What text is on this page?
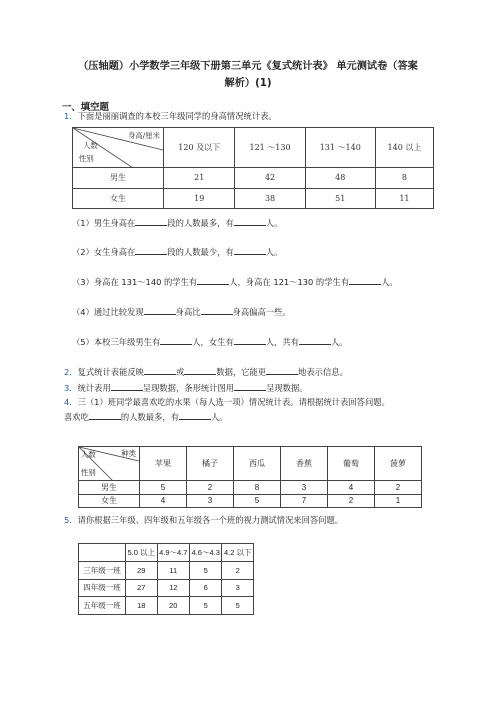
（压轴题）小学数学三年级下册第三单元《复式统计表》 单元测试卷（答案
解析）(1)
一、填空题
1．下面是丽丽调查的本校三年级同学的身高情况统计表。
身高/厘米
人数
性别	120 及以下	121 ～130	131 ～140	140 以上
男生	21	42	48	8
女生	19	38	51	11
（1）男生身高在	段的人数最多，有	人。
（2）女生身高在	段的人数最少，有	人。
（3）身高在 131～140 的学生有	人，身高在 121～130 的学生有	人。
（4）通过比较发现	身高比	身高偏高一些。
（5）本校三年级男生有	人，女生有	人，共有	人。
2．复式统计表能反映	或	数据，它能更	地表示信息。
3．统计表用	呈现数据，条形统计图用	呈现数据。
4．三（1）班同学最喜欢吃的水果（每人选一项）情况统计表。请根据统计表回答问题。
喜欢吃	的人数最多，有	人。
种类
人数
性别	苹果	橘子	西瓜	香蕉	葡萄	菠萝
男生	5	2	8	3	4	2
女生	4	3	5	7	2	1
5．请你根据三年级、四年级和五年级各一个班的视力测试情况来回答问题。
	5.0 以上	4.9～4.7	4.6～4.3	4.2 以下
三年级一班	29	11	5	2
四年级一班	27	12	6	3
五年级一班	18	20	5	5
